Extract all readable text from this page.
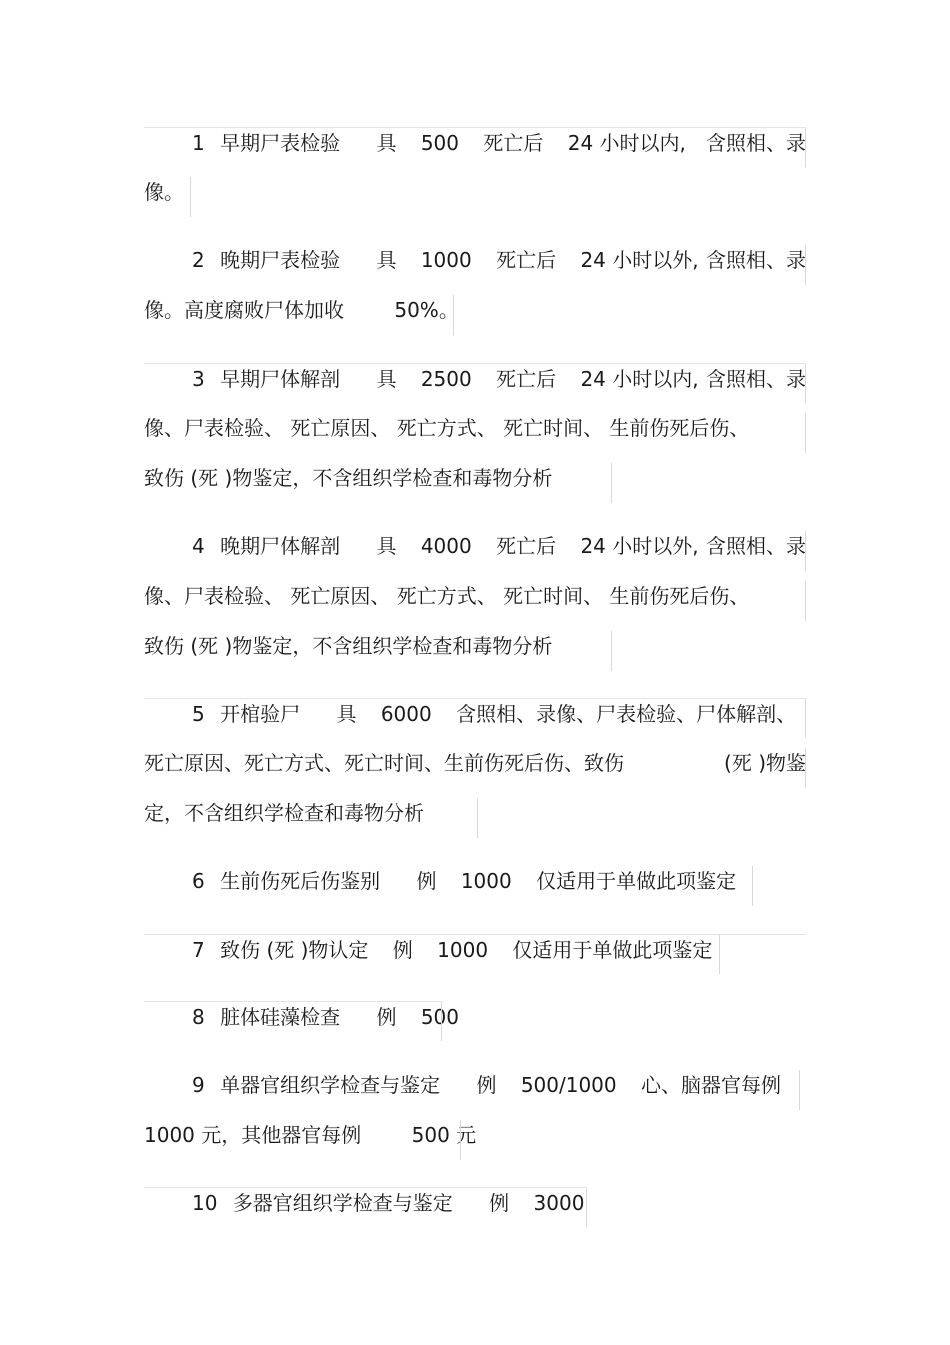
1 早期尸表检验 具 500 死亡后 24 小时以内, 含照相、录
像。
2 晚期尸表检验 具 1000 死亡后 24 小时以外, 含照相、录
像。高度腐败尸体加收	50%。
3 早期尸体解剖 具 2500 死亡后 24 小时以内, 含照相、录
像、尸表检验、 死亡原因、 死亡方式、 死亡时间、 生前伤死后伤、
致伤 (死 )物鉴定，不含组织学检查和毒物分析
4 晚期尸体解剖 具 4000 死亡后 24 小时以外, 含照相、录
像、尸表检验、 死亡原因、 死亡方式、 死亡时间、 生前伤死后伤、
致伤 (死 )物鉴定，不含组织学检查和毒物分析
5 开棺验尸 具 6000 含照相、录像、尸表检验、尸体解剖、
死亡原因、死亡方式、死亡时间、生前伤死后伤、致伤	(死 )物鉴
定，不含组织学检查和毒物分析
6 生前伤死后伤鉴别 例 1000 仅适用于单做此项鉴定
7 致伤 (死 )物认定 例 1000 仅适用于单做此项鉴定
8 脏体硅藻检查 例 500
9 单器官组织学检查与鉴定 例 500/1000 心、脑器官每例
1000 元，其他器官每例	500 元
10 多器官组织学检查与鉴定 例 3000
